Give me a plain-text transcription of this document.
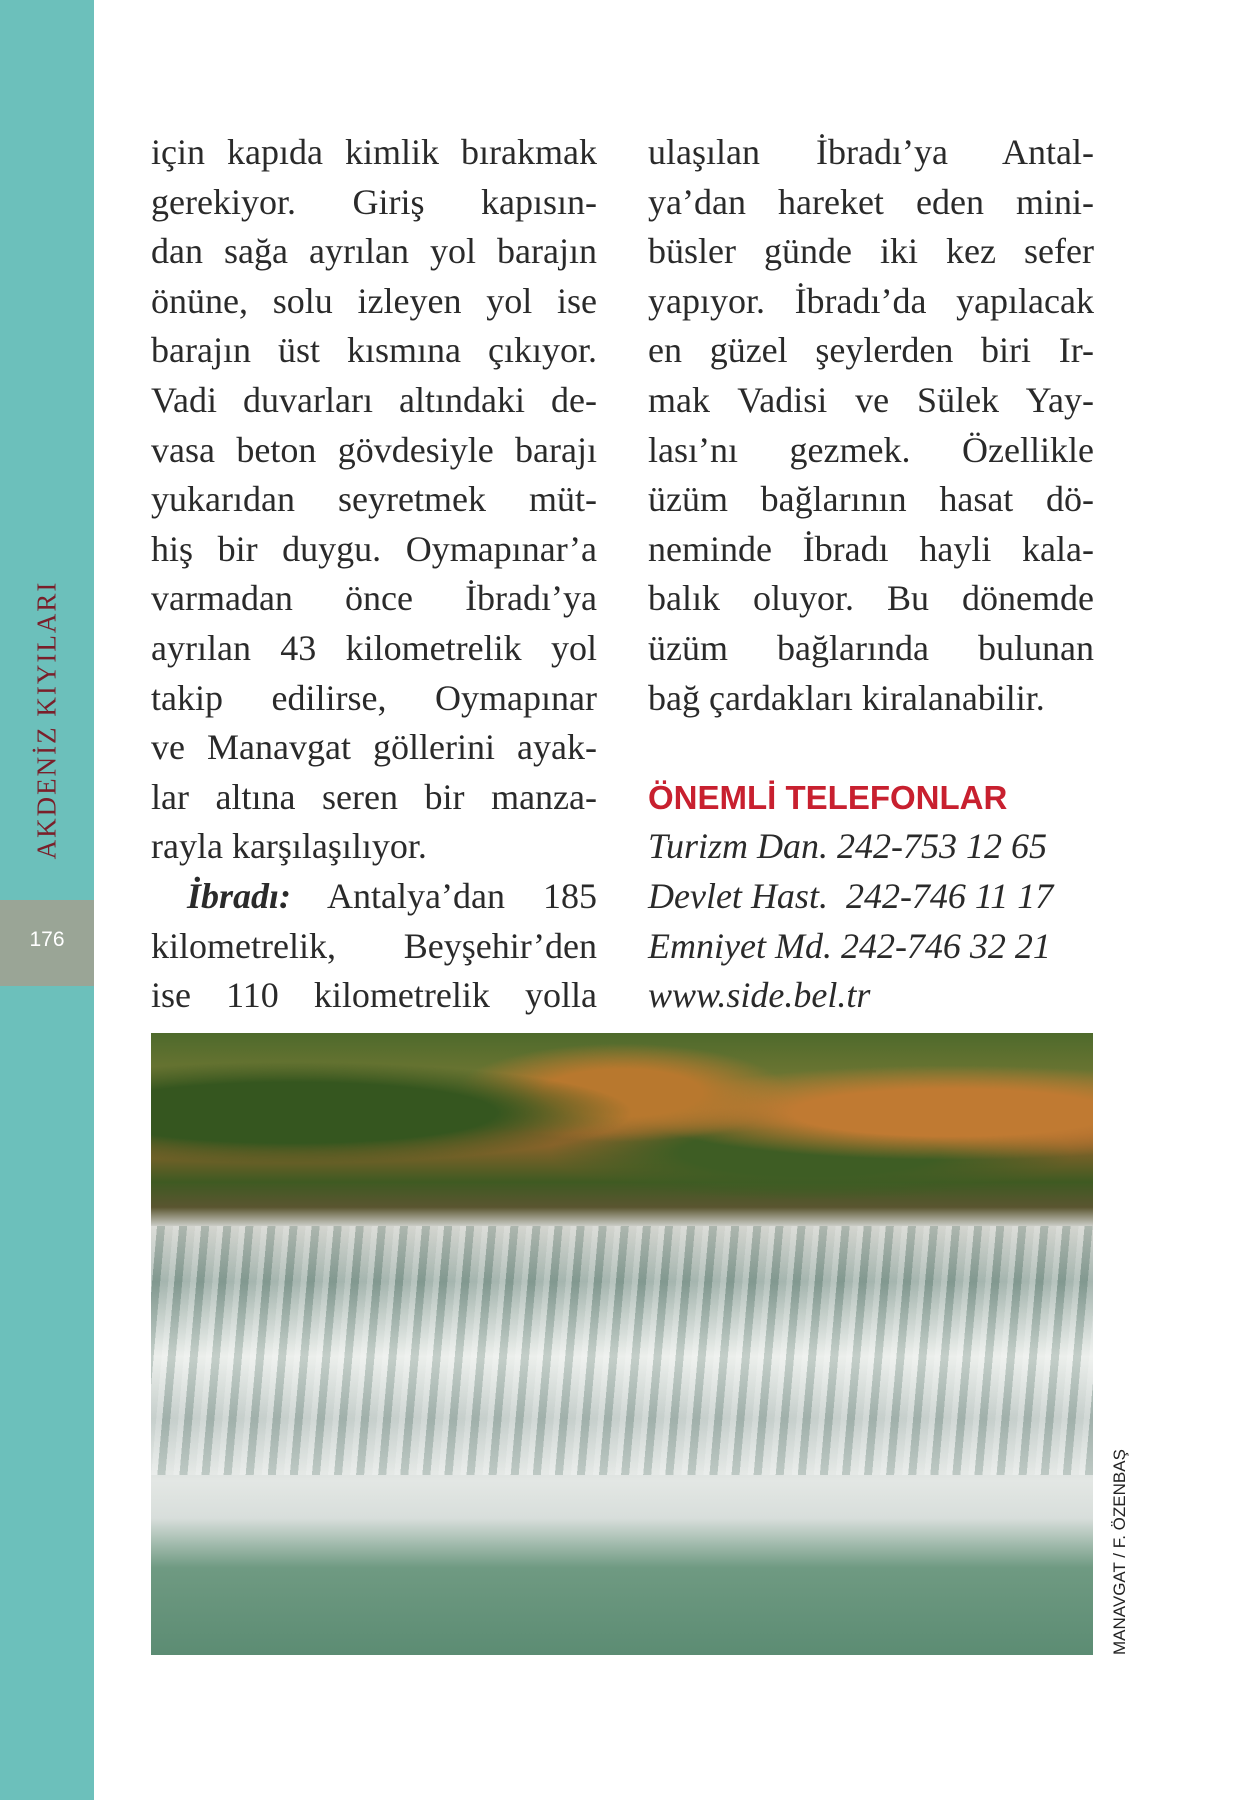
AKDENİZ KIYILARI
176
için kapıda kimlik bırakmak
gerekiyor. Giriş kapısın-
dan sağa ayrılan yol barajın
önüne, solu izleyen yol ise
barajın üst kısmına çıkıyor.
Vadi duvarları altındaki de-
vasa beton gövdesiyle barajı
yukarıdan seyretmek müt-
hiş bir duygu. Oymapınar’a
varmadan önce İbradı’ya
ayrılan 43 kilometrelik yol
takip edilirse, Oymapınar
ve Manavgat göllerini ayak-
lar altına seren bir manza-
rayla karşılaşılıyor.
İbradı: Antalya’dan 185
kilometrelik, Beyşehir’den
ise 110 kilometrelik yolla
ulaşılan İbradı’ya Antal-
ya’dan hareket eden mini-
büsler günde iki kez sefer
yapıyor. İbradı’da yapılacak
en güzel şeylerden biri Ir-
mak Vadisi ve Sülek Yay-
lası’nı gezmek. Özellikle
üzüm bağlarının hasat dö-
neminde İbradı hayli kala-
balık oluyor. Bu dönemde
üzüm bağlarında bulunan
bağ çardakları kiralanabilir.
ÖNEMLİ TELEFONLAR
Turizm Dan. 242-753 12 65
Devlet Hast.  242-746 11 17
Emniyet Md. 242-746 32 21
www.side.bel.tr
MANAVGAT / F. ÖZENBAŞ
